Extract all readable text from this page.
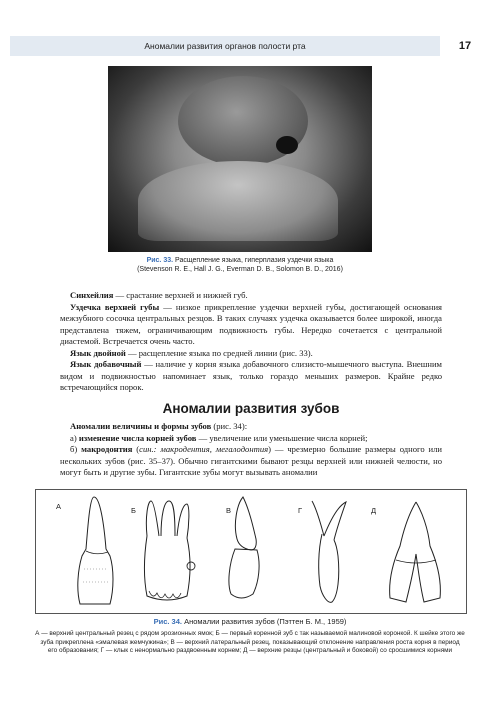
Аномалии развития органов полости рта	17
Рис. 33. Расщепление языка, гиперплазия уздечки языка
(Stevenson R. E., Hall J. G., Everman D. B., Solomon B. D., 2016)

Синхейлия — срастание верхней и нижней губ.

Уздечка верхней губы — низкое прикрепление уздечки верхней губы, достигающей основания межзубного сосочка центральных резцов. В таких случаях уздечка оказывается более широкой, иногда представлена тяжем, ограничивающим подвижность губы. Нередко сочетается с центральной диастемой. Встречается очень часто.

Язык двойной — расщепление языка по средней линии (рис. 33).

Язык добавочный — наличие у корня языка добавочного слизисто-мышечного выступа. Внешним видом и подвижностью напоминает язык, только гораздо меньших размеров. Крайне редко встречающийся порок.

Аномалии развития зубов

Аномалии величины и формы зубов (рис. 34):

а) изменение числа корней зубов — увеличение или уменьшение числа корней;

б) макродонтия (син.: макродентия, мегалодонтия) — чрезмерно большие размеры одного или нескольких зубов (рис. 35–37). Обычно гигантскими бывают резцы верхней или нижней челюсти, но могут быть и другие зубы. Гигантские зубы могут вызывать аномалии

А	Б	В	Г	Д
Рис. 34. Аномалии развития зубов (Пэттен Б. М., 1959)
А — верхний центральный резец с рядом эрозионных ямок; Б — первый коренной зуб с так называемой малиновой коронкой. К шейке этого же зуба прикреплена «эмалевая жемчужина»; В — верхний латеральный резец, показывающий отклонение направления роста корня в период его образования; Г — клык с ненормально раздвоенным корнем; Д — верхние резцы (центральный и боковой) со сросшимися корнями
